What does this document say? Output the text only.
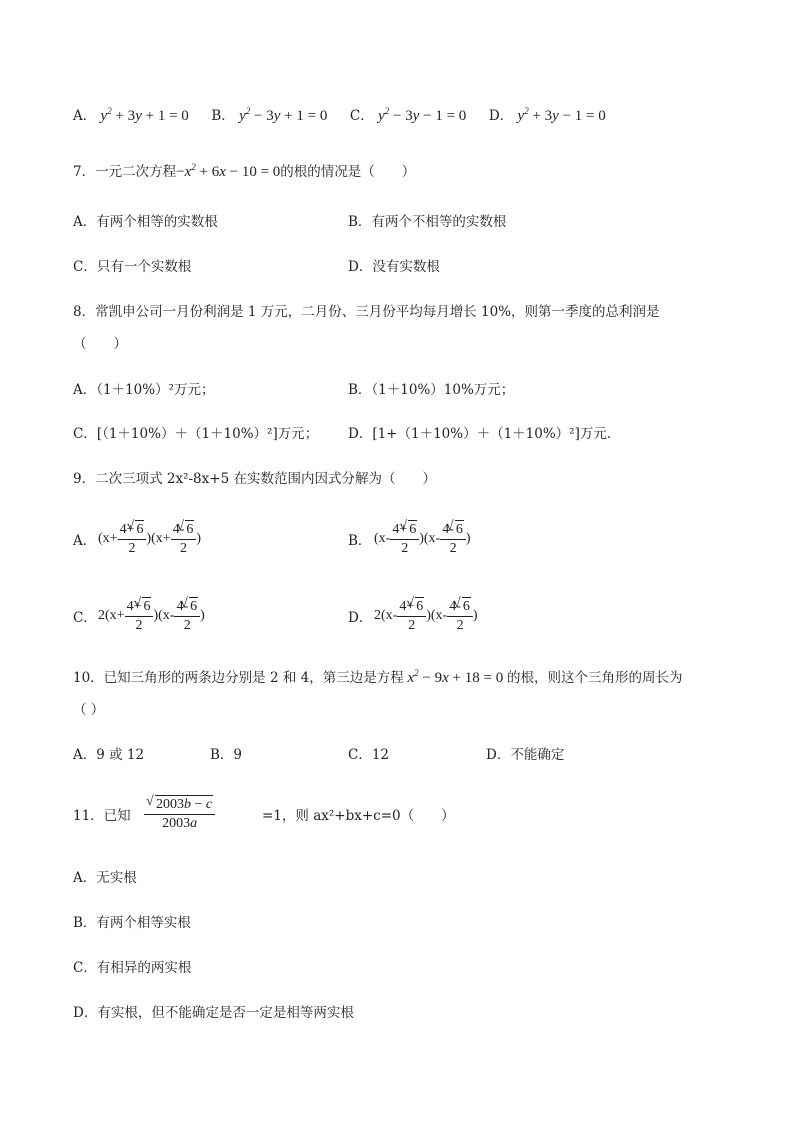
A． $y^2 + 3y + 1 = 0$ B． $y^2 - 3y + 1 = 0$ C． $y^2 - 3y - 1 = 0$ D． $y^2 + 3y - 1 = 0$
7．一元二次方程$-x^2 + 6x - 10 = 0$的根的情况是（　　）
A．有两个相等的实数根	B．有两个不相等的实数根
C．只有一个实数根	D．没有实数根
8．常凯申公司一月份利润是 1 万元，二月份、三月份平均每月增长 10%，则第一季度的总利润是
（　　）
A．（1＋10%）²万元；	B．（1＋10%）10%万元；
C．[（1＋10%）＋（1＋10%）²]万元； D．[1+（1＋10%）＋（1＋10%）²]万元．
9．二次三项式 2x²-8x+5 在实数范围内因式分解为（　　）
A． $(x+ \frac{4+ √ 6}{2} )(x+ \frac{4- √ 6}{2}$ )	B． $(x- \frac{4+ √ 6}{2} )(x- \frac{4- √ 6}{2}$ )
C． $2(x+ \frac{4+ √ 6}{2} )(x- \frac{4- √ 6}{2}$ )	D． $2(x- \frac{4+ √ 6}{2} )(x- \frac{4- √ 6}{2}$ )
10．已知三角形的两条边分别是 2 和 4，第三边是方程 $x^2 - 9x + 18 = 0$ 的根，则这个三角形的周长为
（ ）
A．9 或 12	B．9	C．12	D．不能确定
11．已知 √ $\frac{2003b - c}{2003a}$	=1，则 ax²+bx+c=0（　　）
A．无实根
B．有两个相等实根
C．有相异的两实根
D．有实根，但不能确定是否一定是相等两实根
